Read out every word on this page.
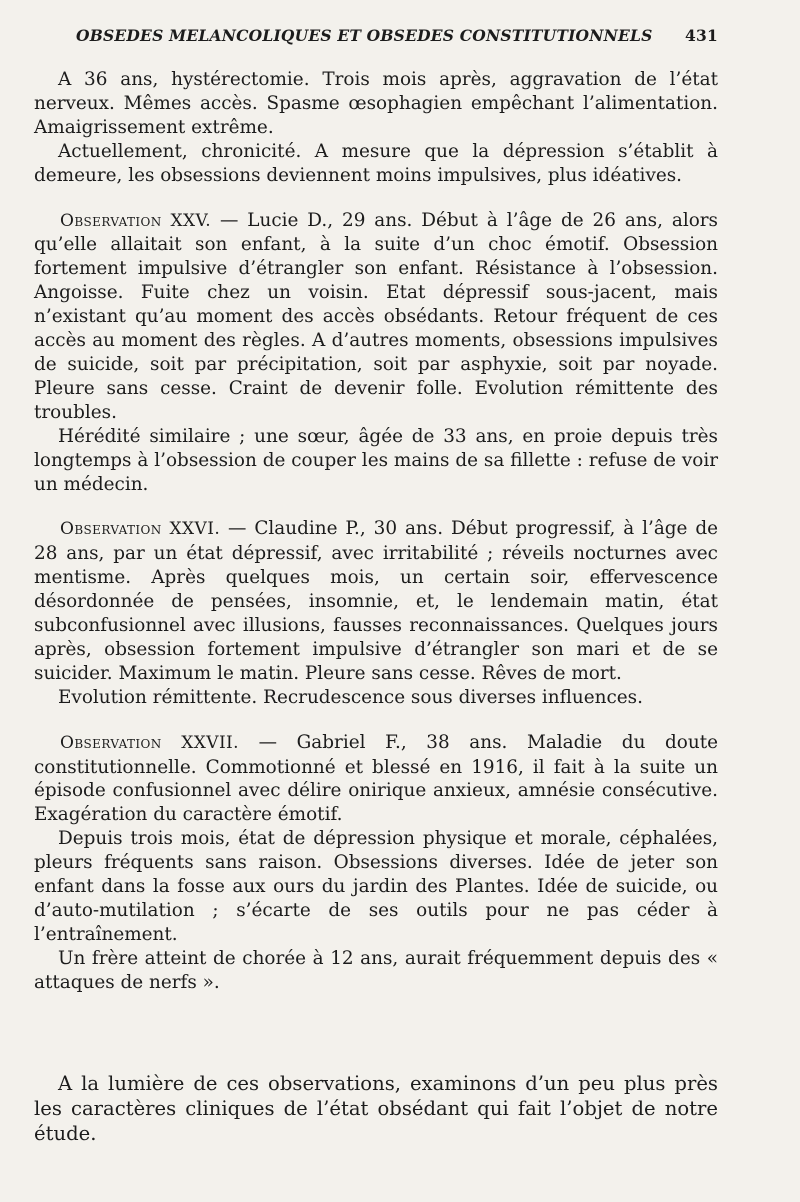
OBSEDES MELANCOLIQUES ET OBSEDES CONSTITUTIONNELS 431

A 36 ans, hystérectomie. Trois mois après, aggravation de l’état nerveux. Mêmes accès. Spasme œsophagien empêchant l’alimentation. Amaigrissement extrême.

Actuellement, chronicité. A mesure que la dépression s’établit à demeure, les obsessions deviennent moins impulsives, plus idéatives.

Observation XXV. — Lucie D., 29 ans. Début à l’âge de 26 ans, alors qu’elle allaitait son enfant, à la suite d’un choc émotif. Obsession fortement impulsive d’étrangler son enfant. Résistance à l’obsession. Angoisse. Fuite chez un voisin. Etat dépressif sous-jacent, mais n’existant qu’au moment des accès obsédants. Retour fréquent de ces accès au moment des règles. A d’autres moments, obsessions impulsives de suicide, soit par précipitation, soit par asphyxie, soit par noyade. Pleure sans cesse. Craint de devenir folle. Evolution rémittente des troubles.

Hérédité similaire ; une sœur, âgée de 33 ans, en proie depuis très longtemps à l’obsession de couper les mains de sa fillette : refuse de voir un médecin.

Observation XXVI. — Claudine P., 30 ans. Début progressif, à l’âge de 28 ans, par un état dépressif, avec irritabilité ; réveils nocturnes avec mentisme. Après quelques mois, un certain soir, effervescence désordonnée de pensées, insomnie, et, le lendemain matin, état subconfusionnel avec illusions, fausses reconnaissances. Quelques jours après, obsession fortement impulsive d’étrangler son mari et de se suicider. Maximum le matin. Pleure sans cesse. Rêves de mort.

Evolution rémittente. Recrudescence sous diverses influences.

Observation XXVII. — Gabriel F., 38 ans. Maladie du doute constitutionnelle. Commotionné et blessé en 1916, il fait à la suite un épisode confusionnel avec délire onirique anxieux, amnésie consécutive. Exagération du caractère émotif.

Depuis trois mois, état de dépression physique et morale, céphalées, pleurs fréquents sans raison. Obsessions diverses. Idée de jeter son enfant dans la fosse aux ours du jardin des Plantes. Idée de suicide, ou d’auto-mutilation ; s’écarte de ses outils pour ne pas céder à l’entraînement.

Un frère atteint de chorée à 12 ans, aurait fréquemment depuis des « attaques de nerfs ».

A la lumière de ces observations, examinons d’un peu plus près les caractères cliniques de l’état obsédant qui fait l’objet de notre étude.
